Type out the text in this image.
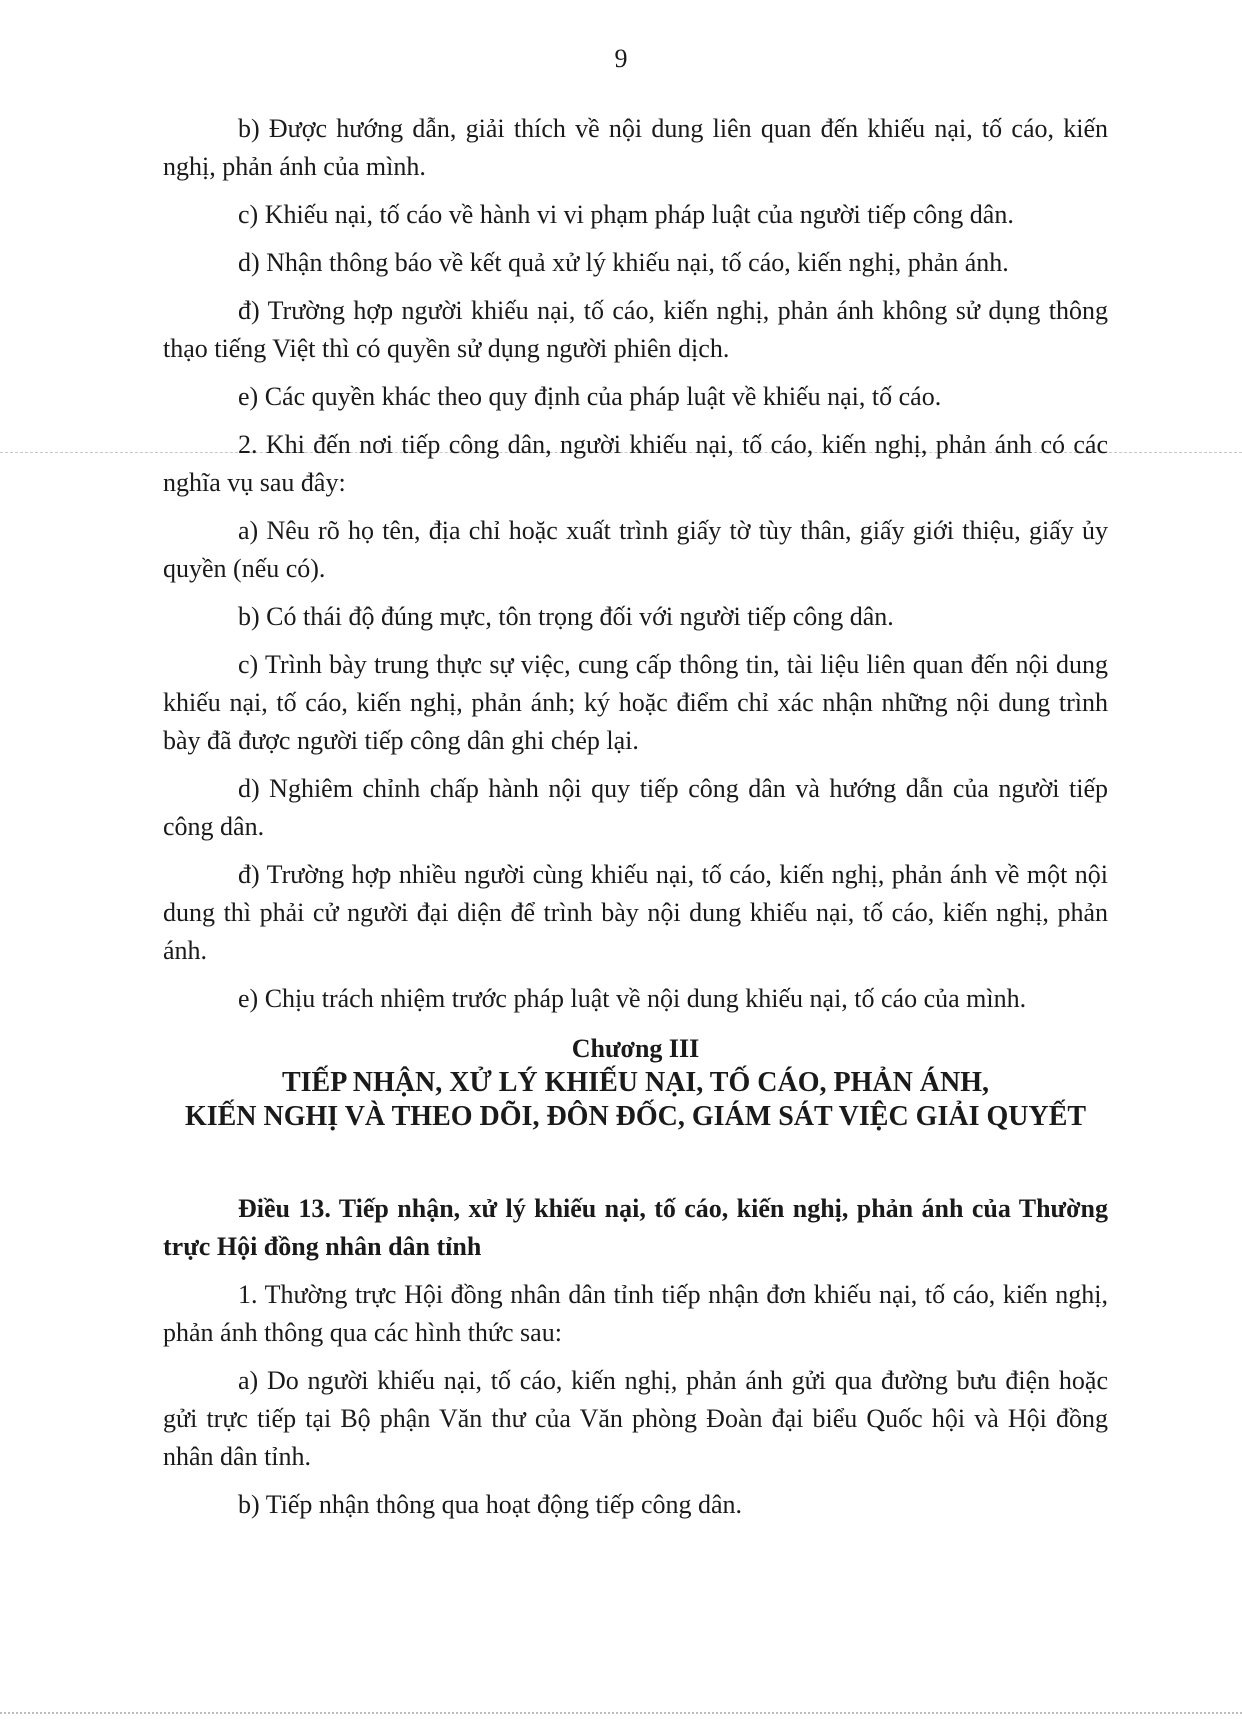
9

b) Được hướng dẫn, giải thích về nội dung liên quan đến khiếu nại, tố cáo, kiến nghị, phản ánh của mình.

c) Khiếu nại, tố cáo về hành vi vi phạm pháp luật của người tiếp công dân.

d) Nhận thông báo về kết quả xử lý khiếu nại, tố cáo, kiến nghị, phản ánh.

đ) Trường hợp người khiếu nại, tố cáo, kiến nghị, phản ánh không sử dụng thông thạo tiếng Việt thì có quyền sử dụng người phiên dịch.

e) Các quyền khác theo quy định của pháp luật về khiếu nại, tố cáo.

2. Khi đến nơi tiếp công dân, người khiếu nại, tố cáo, kiến nghị, phản ánh có các nghĩa vụ sau đây:

a) Nêu rõ họ tên, địa chỉ hoặc xuất trình giấy tờ tùy thân, giấy giới thiệu, giấy ủy quyền (nếu có).

b) Có thái độ đúng mực, tôn trọng đối với người tiếp công dân.

c) Trình bày trung thực sự việc, cung cấp thông tin, tài liệu liên quan đến nội dung khiếu nại, tố cáo, kiến nghị, phản ánh; ký hoặc điểm chỉ xác nhận những nội dung trình bày đã được người tiếp công dân ghi chép lại.

d) Nghiêm chỉnh chấp hành nội quy tiếp công dân và hướng dẫn của người tiếp công dân.

đ) Trường hợp nhiều người cùng khiếu nại, tố cáo, kiến nghị, phản ánh về một nội dung thì phải cử người đại diện để trình bày nội dung khiếu nại, tố cáo, kiến nghị, phản ánh.

e) Chịu trách nhiệm trước pháp luật về nội dung khiếu nại, tố cáo của mình.

Chương III
TIẾP NHẬN, XỬ LÝ KHIẾU NẠI, TỐ CÁO, PHẢN ÁNH,
KIẾN NGHỊ VÀ THEO DÕI, ĐÔN ĐỐC, GIÁM SÁT VIỆC GIẢI QUYẾT

Điều 13. Tiếp nhận, xử lý khiếu nại, tố cáo, kiến nghị, phản ánh của Thường trực Hội đồng nhân dân tỉnh

1. Thường trực Hội đồng nhân dân tỉnh tiếp nhận đơn khiếu nại, tố cáo, kiến nghị, phản ánh thông qua các hình thức sau:

a) Do người khiếu nại, tố cáo, kiến nghị, phản ánh gửi qua đường bưu điện hoặc gửi trực tiếp tại Bộ phận Văn thư của Văn phòng Đoàn đại biểu Quốc hội và Hội đồng nhân dân tỉnh.

b) Tiếp nhận thông qua hoạt động tiếp công dân.
